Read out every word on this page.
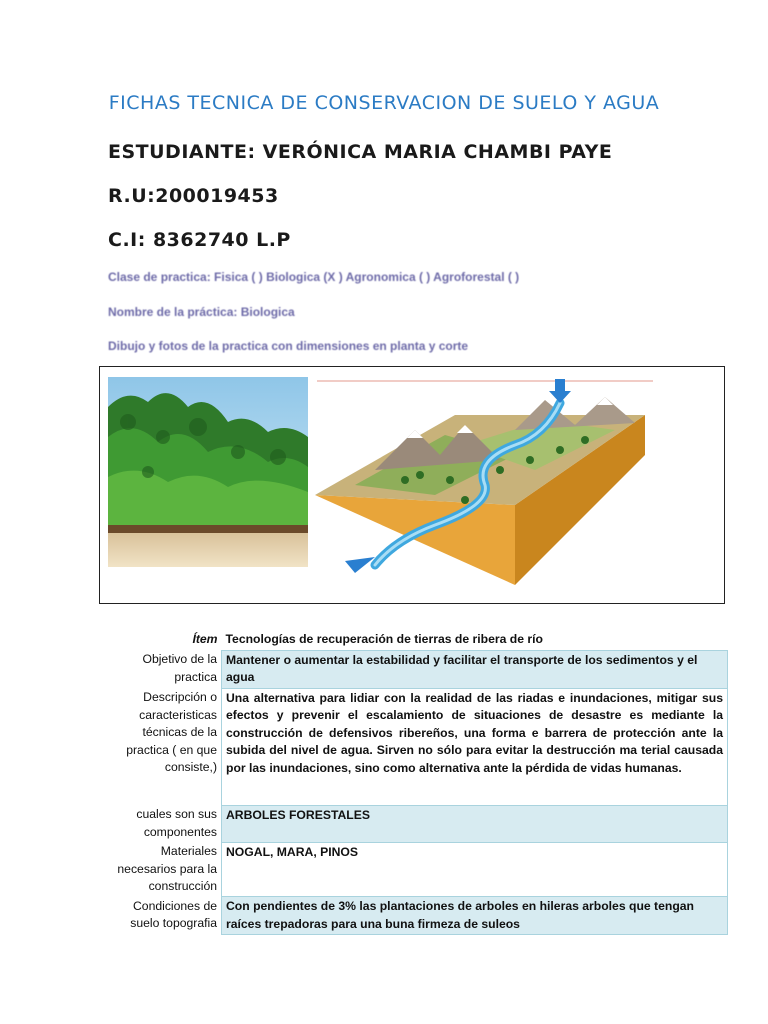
FICHAS TECNICA DE CONSERVACION DE SUELO Y AGUA
ESTUDIANTE: VERÓNICA MARIA CHAMBI PAYE
R.U:200019453
C.I: 8362740 L.P
Clase de practica: Fisica ( ) Biologica (X ) Agronomica ( ) Agroforestal ( )
Nombre de la práctica: Biologica
Dibujo y fotos de la practica con dimensiones en planta y corte
Ítem	Tecnologías de recuperación de tierras de ribera de río
Objetivo de la practica	Mantener o aumentar la estabilidad y facilitar el transporte de los sedimentos y el agua
Descripción o caracteristicas técnicas de la practica ( en que consiste,)	Una alternativa para lidiar con la realidad de las riadas e inundaciones, mitigar sus efectos y prevenir el escalamiento de situaciones de desastre es mediante la construcción de defensivos ribereños, una forma e barrera de protección ante la subida del nivel de agua. Sirven no sólo para evitar la destrucción ma terial causada por las inundaciones, sino como alternativa ante la pérdida de vidas humanas.
cuales son sus componentes	ARBOLES FORESTALES
Materiales necesarios para la construcción	NOGAL, MARA, PINOS
Condiciones de suelo topografia	Con pendientes de 3% las plantaciones de arboles en hileras arboles que tengan raíces trepadoras para una buna firmeza de suleos
